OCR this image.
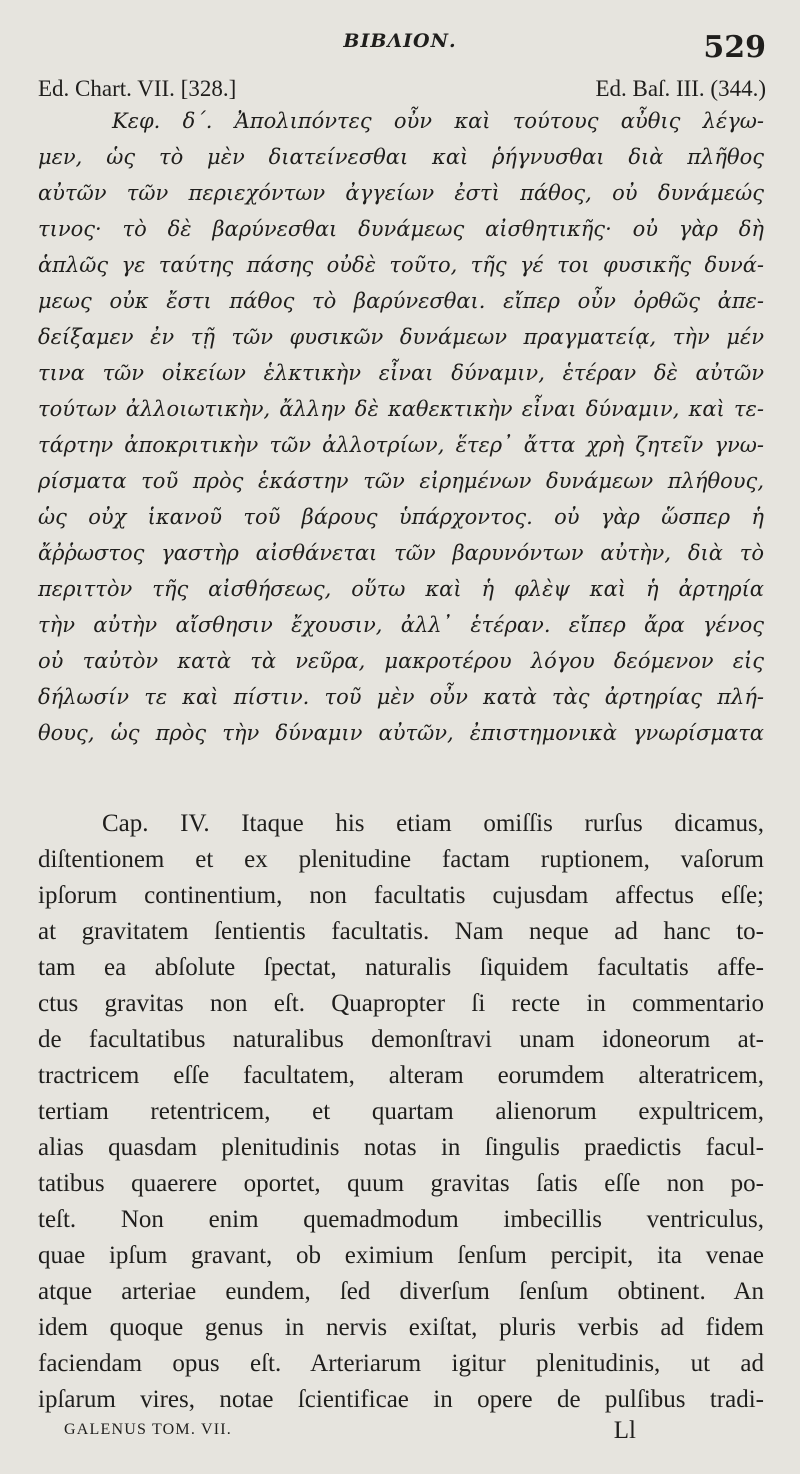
ΒΙΒΛΙΟΝ.	529
Ed. Chart. VII. [328.]	Ed. Baſ. III. (344.)
Κεφ. δ΄. Ἀπολιπόντες οὖν καὶ τούτους αὖθις λέγω-
μεν, ὡς τὸ μὲν διατείνεσθαι καὶ ῥήγνυσθαι διὰ πλῆθος
αὐτῶν τῶν περιεχόντων ἀγγείων ἐστὶ πάθος, οὐ δυνάμεώς
τινος· τὸ δὲ βαρύνεσθαι δυνάμεως αἰσθητικῆς· οὐ γὰρ δὴ
ἁπλῶς γε ταύτης πάσης οὐδὲ τοῦτο, τῆς γέ τοι φυσικῆς δυνά-
μεως οὐκ ἔστι πάθος τὸ βαρύνεσθαι. εἴπερ οὖν ὀρθῶς ἀπε-
δείξαμεν ἐν τῇ τῶν φυσικῶν δυνάμεων πραγματείᾳ, τὴν μέν
τινα τῶν οἰκείων ἑλκτικὴν εἶναι δύναμιν, ἑτέραν δὲ αὐτῶν
τούτων ἀλλοιωτικὴν, ἄλλην δὲ καθεκτικὴν εἶναι δύναμιν, καὶ τε-
τάρτην ἀποκριτικὴν τῶν ἀλλοτρίων, ἕτερ᾽ ἄττα χρὴ ζητεῖν γνω-
ρίσματα τοῦ πρὸς ἑκάστην τῶν εἰρημένων δυνάμεων πλήθους,
ὡς οὐχ ἱκανοῦ τοῦ βάρους ὑπάρχοντος. οὐ γὰρ ὥσπερ ἡ
ἄῤῥωστος γαστὴρ αἰσθάνεται τῶν βαρυνόντων αὐτὴν, διὰ τὸ
περιττὸν τῆς αἰσθήσεως, οὕτω καὶ ἡ φλὲψ καὶ ἡ ἀρτηρία
τὴν αὐτὴν αἴσθησιν ἔχουσιν, ἀλλ᾽ ἑτέραν. εἴπερ ἄρα γένος
οὐ ταὐτὸν κατὰ τὰ νεῦρα, μακροτέρου λόγου δεόμενον εἰς
δήλωσίν τε καὶ πίστιν. τοῦ μὲν οὖν κατὰ τὰς ἀρτηρίας πλή-
θους, ὡς πρὸς τὴν δύναμιν αὐτῶν, ἐπιστημονικὰ γνωρίσματα
Cap. IV. Itaque his etiam omiſſis rurſus dicamus,
diſtentionem et ex plenitudine factam ruptionem, vaſorum
ipſorum continentium, non facultatis cujusdam affectus eſſe;
at gravitatem ſentientis facultatis. Nam neque ad hanc to-
tam ea abſolute ſpectat, naturalis ſiquidem facultatis affe-
ctus gravitas non eſt. Quapropter ſi recte in commentario
de facultatibus naturalibus demonſtravi unam idoneorum at-
tractricem eſſe facultatem, alteram eorumdem alteratricem,
tertiam retentricem, et quartam alienorum expultricem,
alias quasdam plenitudinis notas in ſingulis praedictis facul-
tatibus quaerere oportet, quum gravitas ſatis eſſe non po-
teſt. Non enim quemadmodum imbecillis ventriculus,
quae ipſum gravant, ob eximium ſenſum percipit, ita venae
atque arteriae eundem, ſed diverſum ſenſum obtinent. An
idem quoque genus in nervis exiſtat, pluris verbis ad fidem
faciendam opus eſt. Arteriarum igitur plenitudinis, ut ad
ipſarum vires, notae ſcientificae in opere de pulſibus tradi-
GALENUS TOM. VII.	Ll
